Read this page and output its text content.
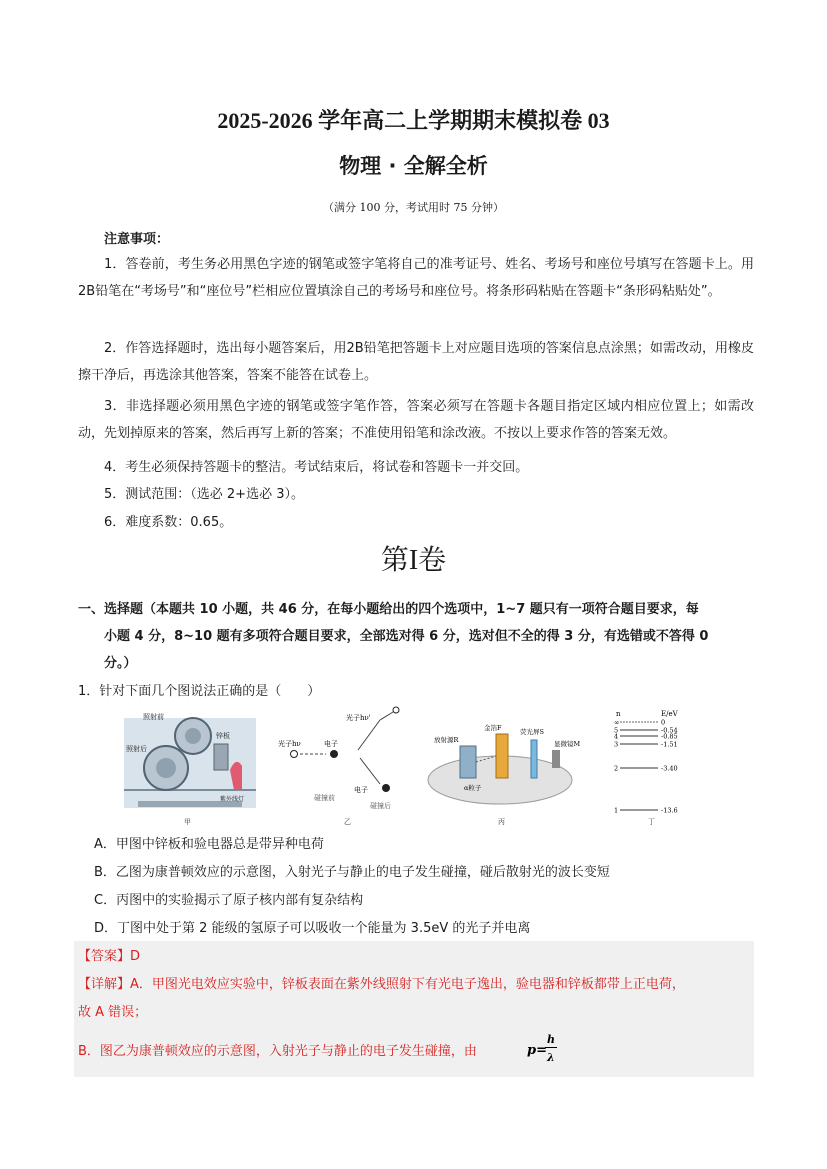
2025-2026 学年高二上学期期末模拟卷 03
物理 · 全解全析
（满分 100 分，考试用时 75 分钟）
注意事项：
1．答卷前，考生务必用黑色字迹的钢笔或签字笔将自己的准考证号、姓名、考场号和座位号填写在答题卡上。用2B铅笔在“考场号”和“座位号”栏相应位置填涂自己的考场号和座位号。将条形码粘贴在答题卡“条形码粘贴处”。
2．作答选择题时，选出每小题答案后，用2B铅笔把答题卡上对应题目选项的答案信息点涂黑；如需改动，用橡皮擦干净后，再选涂其他答案，答案不能答在试卷上。
3．非选择题必须用黑色字迹的钢笔或签字笔作答，答案必须写在答题卡各题目指定区域内相应位置上；如需改动，先划掉原来的答案，然后再写上新的答案；不准使用铅笔和涂改液。不按以上要求作答的答案无效。
4．考生必须保持答题卡的整洁。考试结束后，将试卷和答题卡一并交回。
5．测试范围：（选必 2+选必 3）。
6．难度系数：0.65。
第I卷
一、选择题（本题共 10 小题，共 46 分，在每小题给出的四个选项中，1~7 题只有一项符合题目要求，每
小题 4 分，8~10 题有多项符合题目要求，全部选对得 6 分，选对但不全的得 3 分，有选错或不答得 0
分。）
1．针对下面几个图说法正确的是（　　）
照射前
照射后
锌板
紫外线灯
甲
光子hν	电子
光子hν'
电子
碰撞前
碰撞后
乙
放射源R
金箔F	荧光屏S
显微镜M
α粒子
丙
n	E/eV
∞	0
5	-0.54
4	-0.85
3	-1.51
2	-3.40
1	-13.6
丁
A．甲图中锌板和验电器总是带异种电荷
B．乙图为康普顿效应的示意图，入射光子与静止的电子发生碰撞，碰后散射光的波长变短
C．丙图中的实验揭示了原子核内部有复杂结构
D．丁图中处于第 2 能级的氢原子可以吸收一个能量为 3.5eV 的光子并电离
【答案】D
【详解】A．甲图光电效应实验中，锌板表面在紫外线照射下有光电子逸出，验电器和锌板都带上正电荷，
故 A 错误；
B．图乙为康普顿效应的示意图，入射光子与静止的电子发生碰撞，由	p=
h
λ
